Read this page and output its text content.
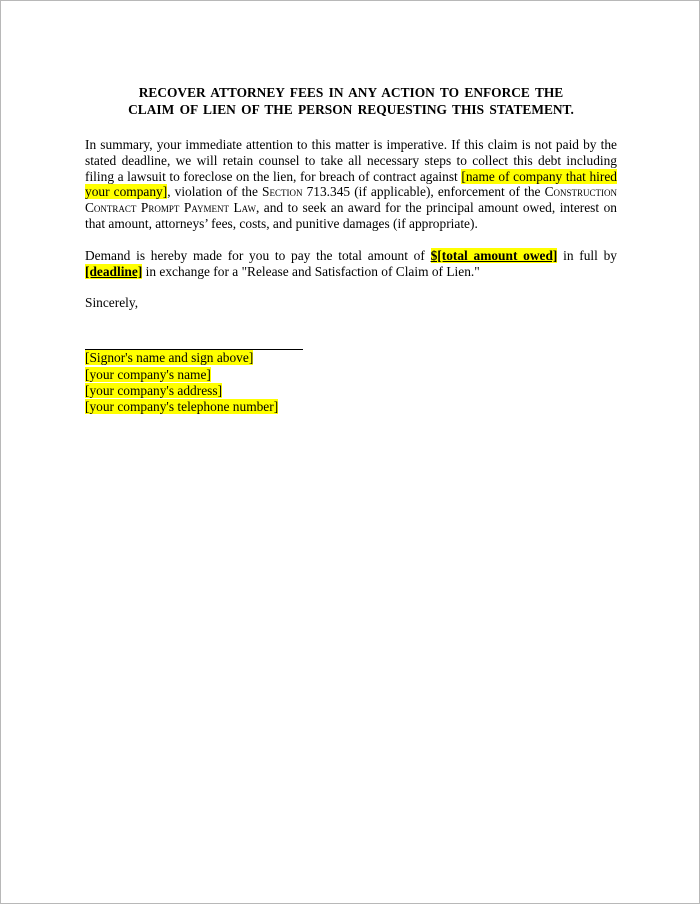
RECOVER ATTORNEY FEES IN ANY ACTION TO ENFORCE THE
CLAIM OF LIEN OF THE PERSON REQUESTING THIS STATEMENT.

In summary, your immediate attention to this matter is imperative. If this claim is not paid by the stated deadline, we will retain counsel to take all necessary steps to collect this debt including filing a lawsuit to foreclose on the lien, for breach of contract against [name of company that hired your company], violation of the Section 713.345 (if applicable), enforcement of the Construction Contract Prompt Payment Law, and to seek an award for the principal amount owed, interest on that amount, attorneys’ fees, costs, and punitive damages (if appropriate).

Demand is hereby made for you to pay the total amount of $[total amount owed] in full by [deadline] in exchange for a "Release and Satisfaction of Claim of Lien."

Sincerely,
[Signor's name and sign above]
[your company's name]
[your company's address]
[your company's telephone number]
